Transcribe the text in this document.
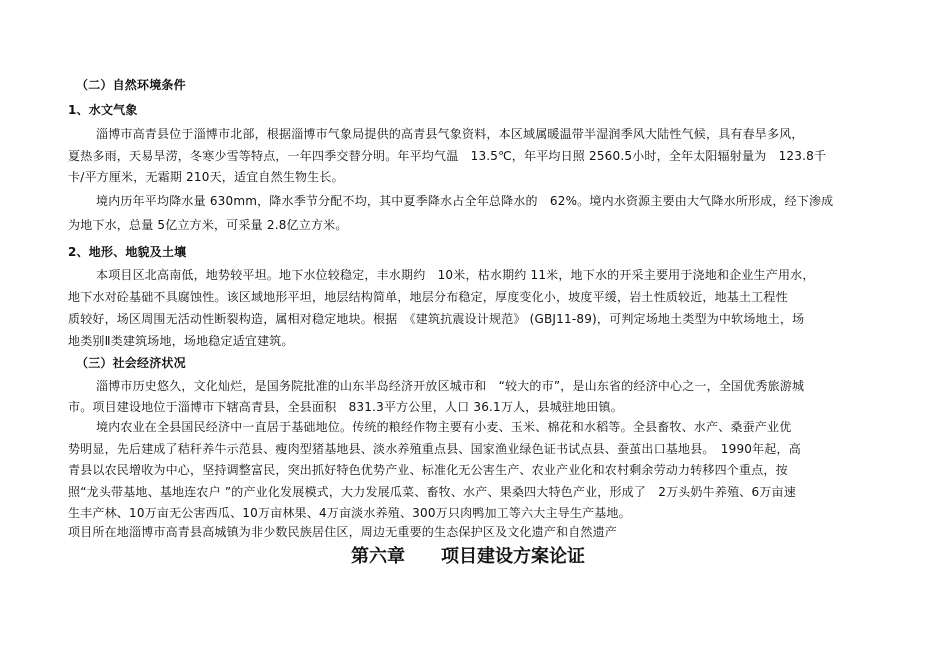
（二）自然环境条件
1、水文气象
淄博市高青县位于淄博市北部，根据淄博市气象局提供的高青县气象资料，本区域属暖温带半湿润季风大陆性气候，具有春旱多风，
夏热多雨，天易旱涝，冬寒少雪等特点，一年四季交替分明。年平均气温　13.5℃，年平均日照 2560.5小时，全年太阳辐射量为　123.8千
卡/平方厘米，无霜期 210天，适宜自然生物生长。
境内历年平均降水量 630mm，降水季节分配不均，其中夏季降水占全年总降水的　62%。境内水资源主要由大气降水所形成，经下渗成
为地下水，总量 5亿立方米，可采量 2.8亿立方米。
2、地形、地貌及土壤
本项目区北高南低，地势较平坦。地下水位较稳定，丰水期约　10米，枯水期约 11米，地下水的开采主要用于浇地和企业生产用水，
地下水对砼基础不具腐蚀性。该区域地形平坦，地层结构简单，地层分布稳定，厚度变化小，坡度平缓，岩土性质较近，地基土工程性
质较好，场区周围无活动性断裂构造，属相对稳定地块。根据　《建筑抗震设计规范》 (GBJ11-89)，可判定场地土类型为中软场地土，场
地类别Ⅱ类建筑场地，场地稳定适宜建筑。
（三）社会经济状况
淄博市历史悠久，文化灿烂，是国务院批准的山东半岛经济开放区城市和　“较大的市”，是山东省的经济中心之一，全国优秀旅游城
市。项目建设地位于淄博市下辖高青县，全县面积　831.3平方公里，人口 36.1万人，县城驻地田镇。
境内农业在全县国民经济中一直居于基础地位。传统的粮经作物主要有小麦、玉米、棉花和水稻等。全县畜牧、水产、桑蚕产业优
势明显，先后建成了秸秆养牛示范县、瘦肉型猪基地县、淡水养殖重点县、国家渔业绿色证书试点县、蚕茧出口基地县。　1990年起，高
青县以农民增收为中心，坚持调整富民，突出抓好特色优势产业、标准化无公害生产、农业产业化和农村剩余劳动力转移四个重点，按
照“龙头带基地、基地连农户 ”的产业化发展模式，大力发展瓜菜、畜牧、水产、果桑四大特色产业，形成了　2万头奶牛养殖、6万亩速
生丰产林、10万亩无公害西瓜、10万亩林果、4万亩淡水养殖、300万只肉鸭加工等六大主导生产基地。
项目所在地淄博市高青县高城镇为非少数民族居住区，周边无重要的生态保护区及文化遗产和自然遗产
第六章 项目建设方案论证
